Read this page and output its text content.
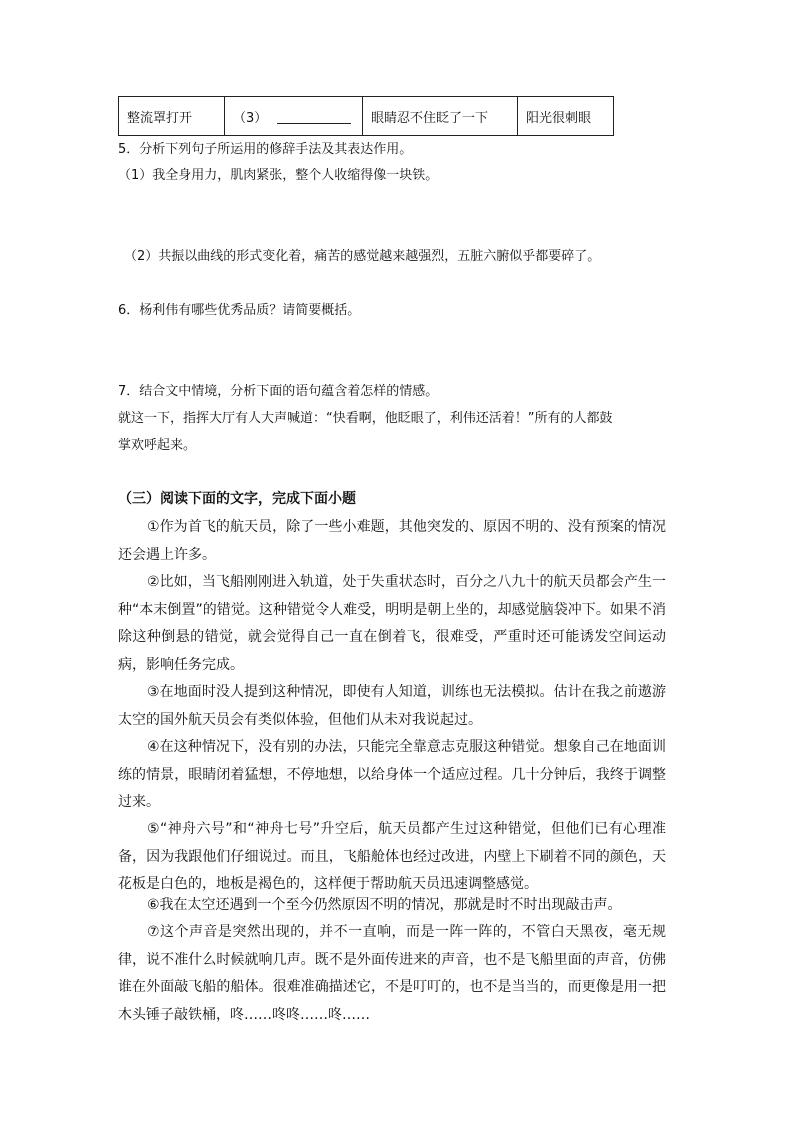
整流罩打开	（3）	眼睛忍不住眨了一下	阳光很刺眼
5．分析下列句子所运用的修辞手法及其表达作用。
（1）我全身用力，肌肉紧张，整个人收缩得像一块铁。
（2）共振以曲线的形式变化着，痛苦的感觉越来越强烈，五脏六腑似乎都要碎了。
6．杨利伟有哪些优秀品质？请简要概括。
7．结合文中情境，分析下面的语句蕴含着怎样的情感。
就这一下，指挥大厅有人大声喊道：“快看啊，他眨眼了，利伟还活着！”所有的人都鼓
掌欢呼起来。
（三）阅读下面的文字，完成下面小题

①作为首飞的航天员，除了一些小难题，其他突发的、原因不明的、没有预案的情况还会遇上许多。

②比如，当飞船刚刚进入轨道，处于失重状态时，百分之八九十的航天员都会产生一种“本末倒置”的错觉。这种错觉令人难受，明明是朝上坐的，却感觉脑袋冲下。如果不消除这种倒悬的错觉，就会觉得自己一直在倒着飞，很难受，严重时还可能诱发空间运动病，影响任务完成。

③在地面时没人提到这种情况，即使有人知道，训练也无法模拟。估计在我之前遨游太空的国外航天员会有类似体验，但他们从未对我说起过。

④在这种情况下，没有别的办法，只能完全靠意志克服这种错觉。想象自己在地面训练的情景，眼睛闭着猛想，不停地想，以给身体一个适应过程。几十分钟后，我终于调整过来。

⑤“神舟六号”和“神舟七号”升空后，航天员都产生过这种错觉，但他们已有心理准备，因为我跟他们仔细说过。而且，飞船舱体也经过改进，内壁上下刷着不同的颜色，天花板是白色的，地板是褐色的，这样便于帮助航天员迅速调整感觉。

⑥我在太空还遇到一个至今仍然原因不明的情况，那就是时不时出现敲击声。

⑦这个声音是突然出现的，并不一直响，而是一阵一阵的，不管白天黑夜，毫无规律，说不准什么时候就响几声。既不是外面传进来的声音，也不是飞船里面的声音，仿佛谁在外面敲飞船的船体。很难准确描述它，不是叮叮的，也不是当当的，而更像是用一把木头锤子敲铁桶，咚……咚咚……咚……
